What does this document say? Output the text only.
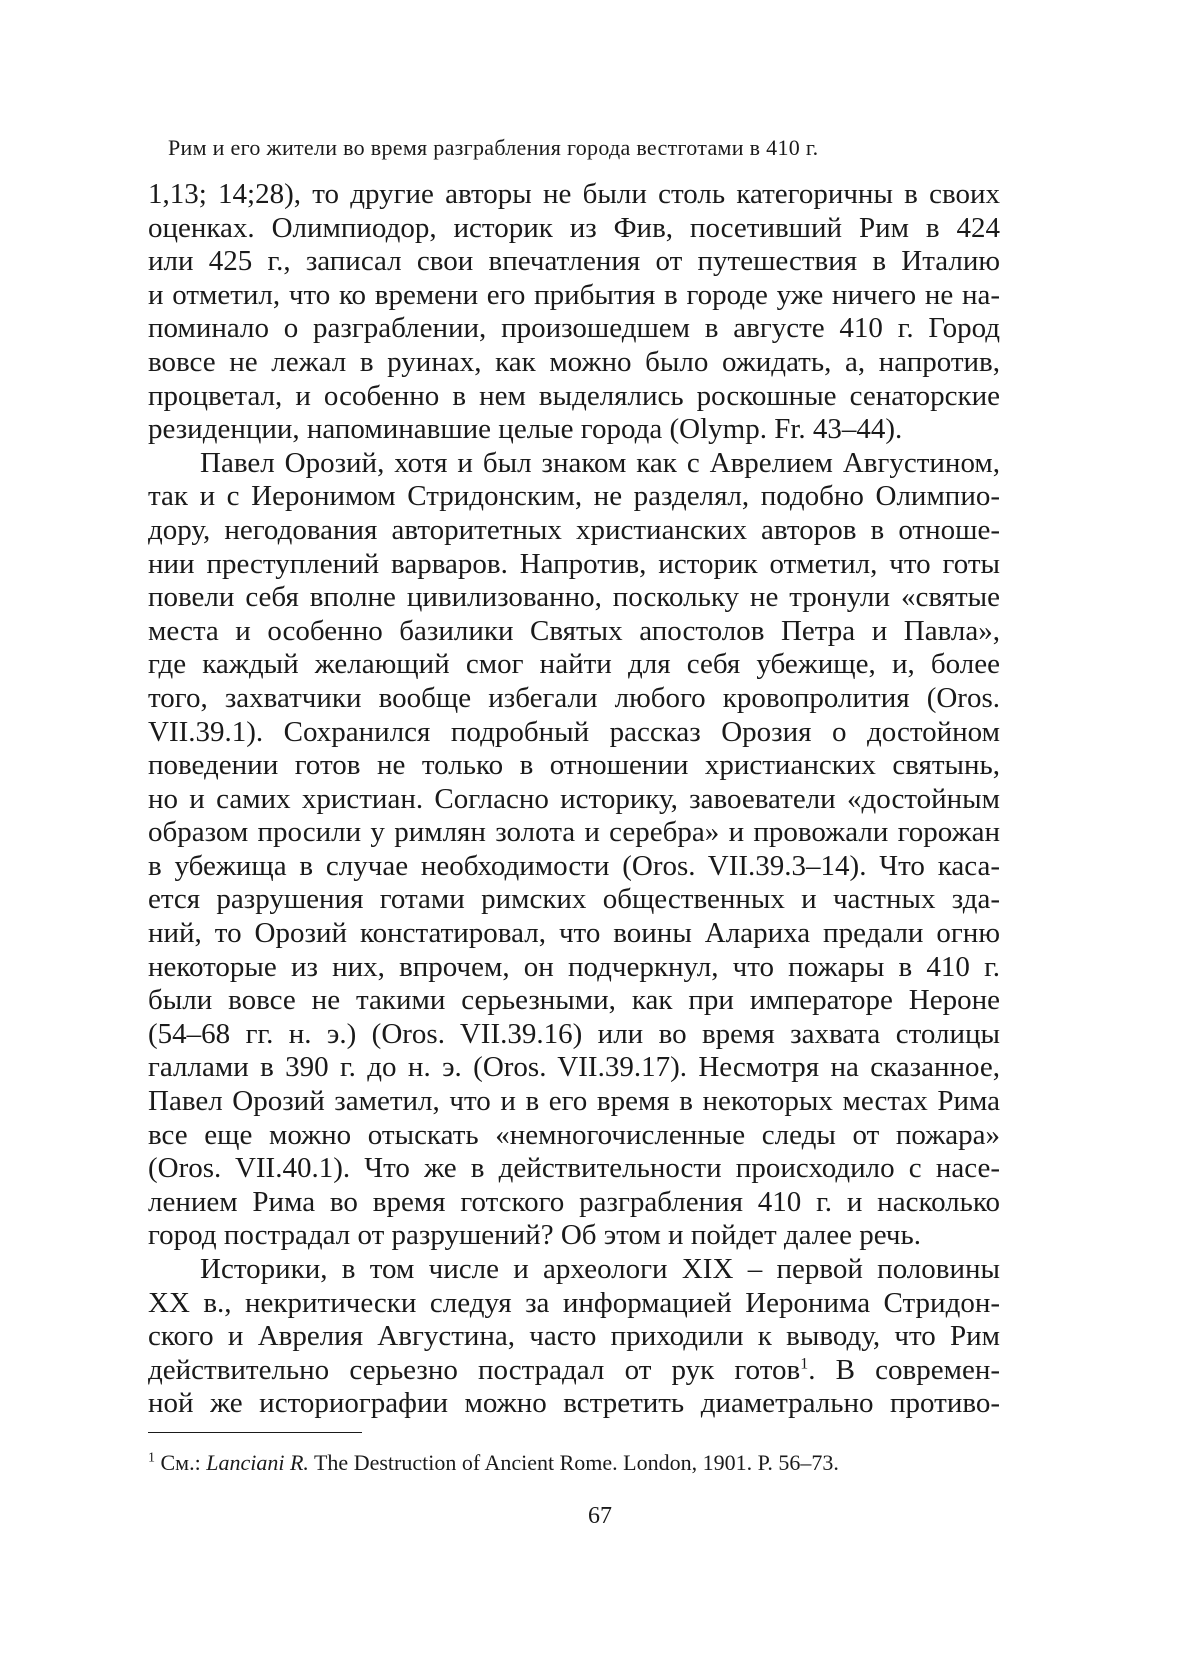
Рим и его жители во время разграбления города вестготами в 410 г.

1,13; 14;28), то другие авторы не были столь категоричны в своих
оценках. Олимпиодор, историк из Фив, посетивший Рим в 424
или 425 г., записал свои впечатления от путешествия в Италию
и отметил, что ко времени его прибытия в городе уже ничего не на-
поминало о разграблении, произошедшем в августе 410 г. Город
вовсе не лежал в руинах, как можно было ожидать, а, напротив,
процветал, и особенно в нем выделялись роскошные сенаторские
резиденции, напоминавшие целые города (Olymp. Fr. 43–44).

Павел Орозий, хотя и был знаком как с Аврелием Августином,
так и с Иеронимом Стридонским, не разделял, подобно Олимпио-
дору, негодования авторитетных христианских авторов в отноше-
нии преступлений варваров. Напротив, историк отметил, что готы
повели себя вполне цивилизованно, поскольку не тронули «святые
места и особенно базилики Святых апостолов Петра и Павла»,
где каждый желающий смог найти для себя убежище, и, более
того, захватчики вообще избегали любого кровопролития (Oros.
VII.39.1). Сохранился подробный рассказ Орозия о достойном
поведении готов не только в отношении христианских святынь,
но и самих христиан. Согласно историку, завоеватели «достойным
образом просили у римлян золота и серебра» и провожали горожан
в убежища в случае необходимости (Oros. VII.39.3–14). Что каса-
ется разрушения готами римских общественных и частных зда-
ний, то Орозий констатировал, что воины Алариха предали огню
некоторые из них, впрочем, он подчеркнул, что пожары в 410 г.
были вовсе не такими серьезными, как при императоре Нероне
(54–68 гг. н. э.) (Oros. VII.39.16) или во время захвата столицы
галлами в 390 г. до н. э. (Oros. VII.39.17). Несмотря на сказанное,
Павел Орозий заметил, что и в его время в некоторых местах Рима
все еще можно отыскать «немногочисленные следы от пожара»
(Oros. VII.40.1). Что же в действительности происходило с насе-
лением Рима во время готского разграбления 410 г. и насколько
город пострадал от разрушений? Об этом и пойдет далее речь.

Историки, в том числе и археологи XIX – первой половины
XX в., некритически следуя за информацией Иеронима Стридон-
ского и Аврелия Августина, часто приходили к выводу, что Рим
действительно серьезно пострадал от рук готов$^1$. В современ-
ной же историографии можно встретить диаметрально противо-

$^1$ См.: Lanciani R. The Destruction of Ancient Rome. London, 1901. P. 56–73.
67
